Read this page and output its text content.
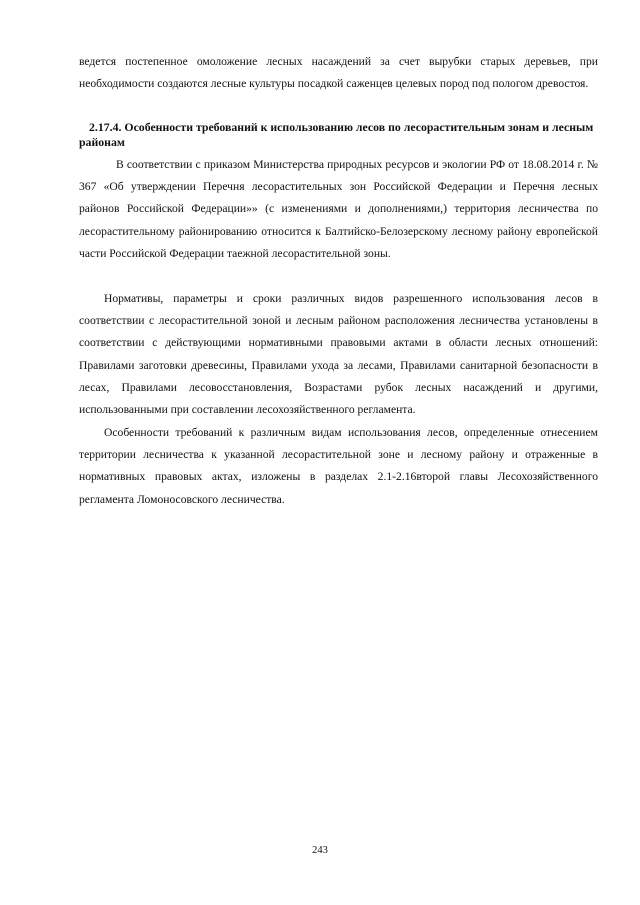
ведется постепенное омоложение лесных насаждений за счет вырубки старых деревьев, при необходимости создаются лесные культуры посадкой саженцев целевых пород под пологом древостоя.

2.17.4. Особенности требований к использованию лесов по лесорастительным зонам и лесным районам

В соответствии с приказом Министерства природных ресурсов и экологии РФ от 18.08.2014 г. № 367 «Об утверждении Перечня лесорастительных зон Российской Федерации и Перечня лесных районов Российской Федерации»» (с изменениями и дополнениями,) территория лесничества по лесорастительному районированию относится к Балтийско-Белозерскому лесному району европейской части Российской Федерации таежной лесорастительной зоны.

Нормативы, параметры и сроки различных видов разрешенного использования лесов в соответствии с лесорастительной зоной и лесным районом расположения лесничества установлены в соответствии с действующими нормативными правовыми актами в области лесных отношений: Правилами заготовки древесины, Правилами ухода за лесами, Правилами санитарной безопасности в лесах, Правилами лесовосстановления, Возрастами рубок лесных насаждений и другими, использованными при составлении лесохозяйственного регламента.

Особенности требований к различным видам использования лесов, определенные отнесением территории лесничества к указанной лесорастительной зоне и лесному району и отраженные в нормативных правовых актах, изложены в разделах 2.1-2.16второй главы Лесохозяйственного регламента Ломоносовского лесничества.

243
